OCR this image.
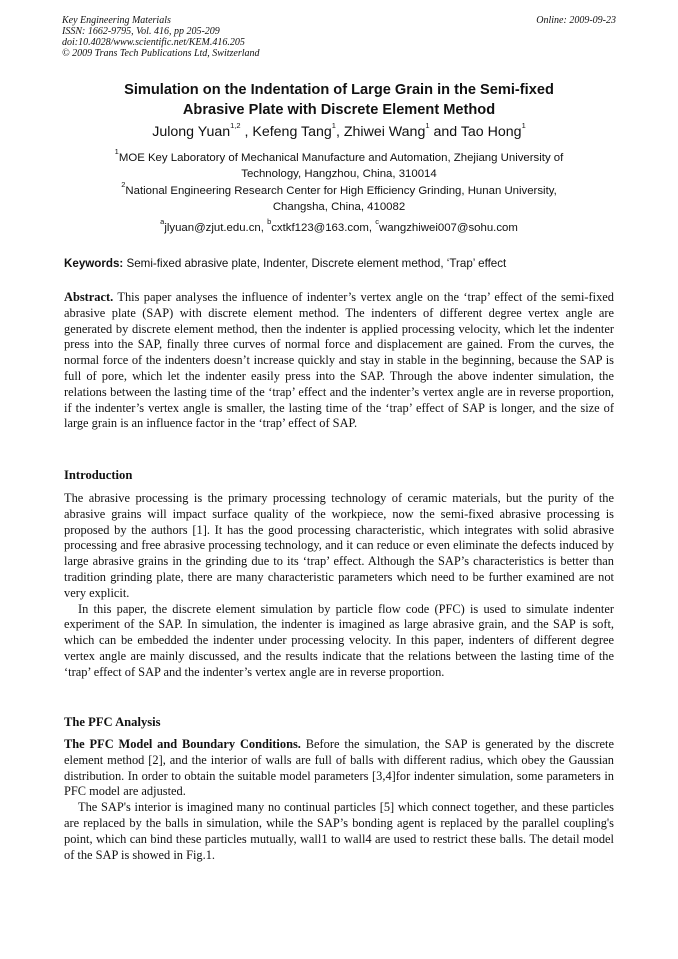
Key Engineering Materials
ISSN: 1662-9795, Vol. 416, pp 205-209
doi:10.4028/www.scientific.net/KEM.416.205
© 2009 Trans Tech Publications Ltd, Switzerland
Online: 2009-09-23
Simulation on the Indentation of Large Grain in the Semi-fixed
Abrasive Plate with Discrete Element Method
Julong Yuan$^{1,2}$ , Kefeng Tang$^1$, Zhiwei Wang$^1$ and Tao Hong$^1$
$^1$MOE Key Laboratory of Mechanical Manufacture and Automation, Zhejiang University of
Technology, Hangzhou, China, 310014
$^2$National Engineering Research Center for High Efficiency Grinding, Hunan University,
Changsha, China, 410082
$^a$jlyuan@zjut.edu.cn, $^b$cxtkf123@163.com, $^c$wangzhiwei007@sohu.com
Keywords: Semi-fixed abrasive plate, Indenter, Discrete element method, ‘Trap’ effect

Abstract. This paper analyses the influence of indenter’s vertex angle on the ‘trap’ effect of the semi-fixed abrasive plate (SAP) with discrete element method. The indenters of different degree vertex angle are generated by discrete element method, then the indenter is applied processing velocity, which let the indenter press into the SAP, finally three curves of normal force and displacement are gained. From the curves, the normal force of the indenters doesn’t increase quickly and stay in stable in the beginning, because the SAP is full of pore, which let the indenter easily press into the SAP. Through the above indenter simulation, the relations between the lasting time of the ‘trap’ effect and the indenter’s vertex angle are in reverse proportion, if the indenter’s vertex angle is smaller, the lasting time of the ‘trap’ effect of SAP is longer, and the size of large grain is an influence factor in the ‘trap’ effect of SAP.

Introduction

The abrasive processing is the primary processing technology of ceramic materials, but the purity of the abrasive grains will impact surface quality of the workpiece, now the semi-fixed abrasive processing is proposed by the authors [1]. It has the good processing characteristic, which integrates with solid abrasive processing and free abrasive processing technology, and it can reduce or even eliminate the defects induced by large abrasive grains in the grinding due to its ‘trap’ effect. Although the SAP’s characteristics is better than tradition grinding plate, there are many characteristic parameters which need to be further examined are not very explicit.

In this paper, the discrete element simulation by particle flow code (PFC) is used to simulate indenter experiment of the SAP. In simulation, the indenter is imagined as large abrasive grain, and the SAP is soft, which can be embedded the indenter under processing velocity. In this paper, indenters of different degree vertex angle are mainly discussed, and the results indicate that the relations between the lasting time of the ‘trap’ effect of SAP and the indenter’s vertex angle are in reverse proportion.

The PFC Analysis

The PFC Model and Boundary Conditions. Before the simulation, the SAP is generated by the discrete element method [2], and the interior of walls are full of balls with different radius, which obey the Gaussian distribution. In order to obtain the suitable model parameters [3,4]for indenter simulation, some parameters in PFC model are adjusted.

The SAP's interior is imagined many no continual particles [5] which connect together, and these particles are replaced by the balls in simulation, while the SAP’s bonding agent is replaced by the parallel coupling's point, which can bind these particles mutually, wall1 to wall4 are used to restrict these balls. The detail model of the SAP is showed in Fig.1.
